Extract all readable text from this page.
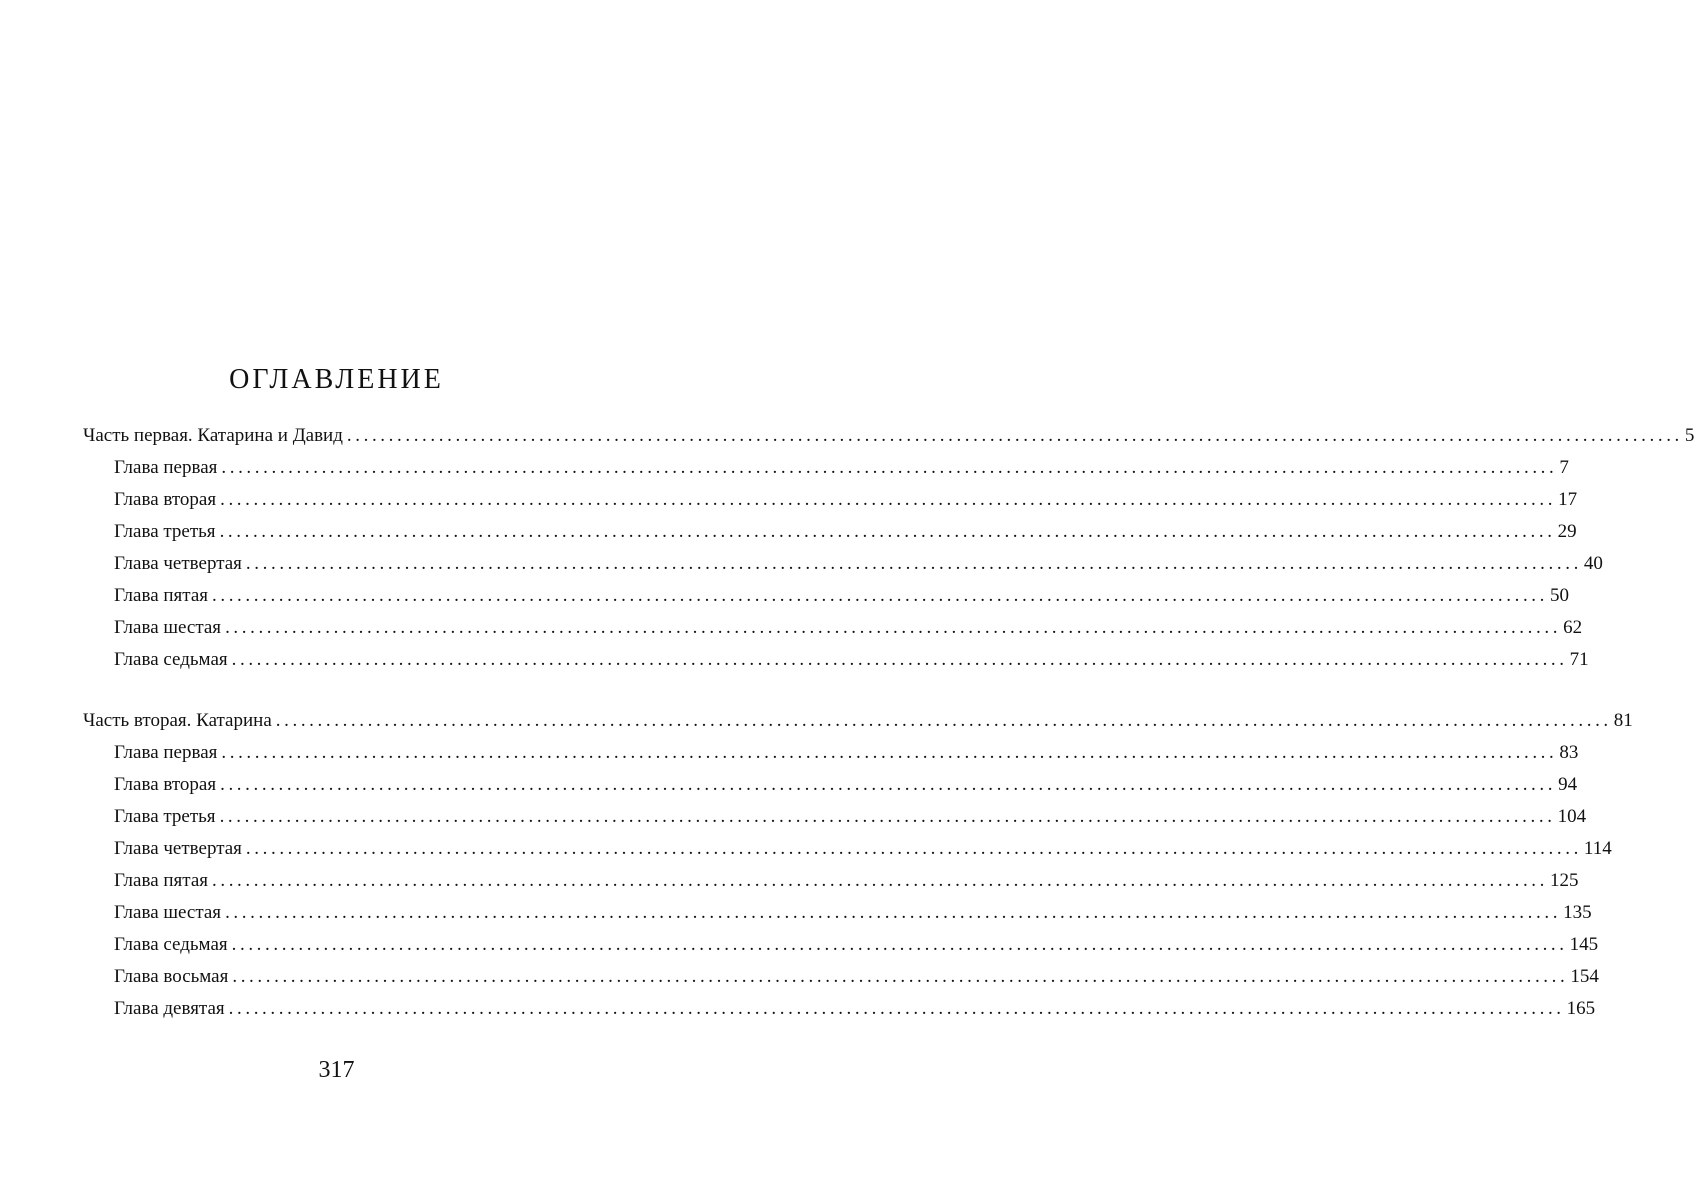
ОГЛАВЛЕНИЕ
Часть первая. Катарина и Давид ................................................................................................................................................................ 5
Глава первая ................................................................................................................................................................ 7
Глава вторая ................................................................................................................................................................ 17
Глава третья ................................................................................................................................................................ 29
Глава четвертая ................................................................................................................................................................ 40
Глава пятая ................................................................................................................................................................ 50
Глава шестая ................................................................................................................................................................ 62
Глава седьмая ................................................................................................................................................................ 71
Часть вторая. Катарина ................................................................................................................................................................ 81
Глава первая ................................................................................................................................................................ 83
Глава вторая ................................................................................................................................................................ 94
Глава третья ................................................................................................................................................................ 104
Глава четвертая ................................................................................................................................................................ 114
Глава пятая ................................................................................................................................................................ 125
Глава шестая ................................................................................................................................................................ 135
Глава седьмая ................................................................................................................................................................ 145
Глава восьмая ................................................................................................................................................................ 154
Глава девятая ................................................................................................................................................................ 165
317
